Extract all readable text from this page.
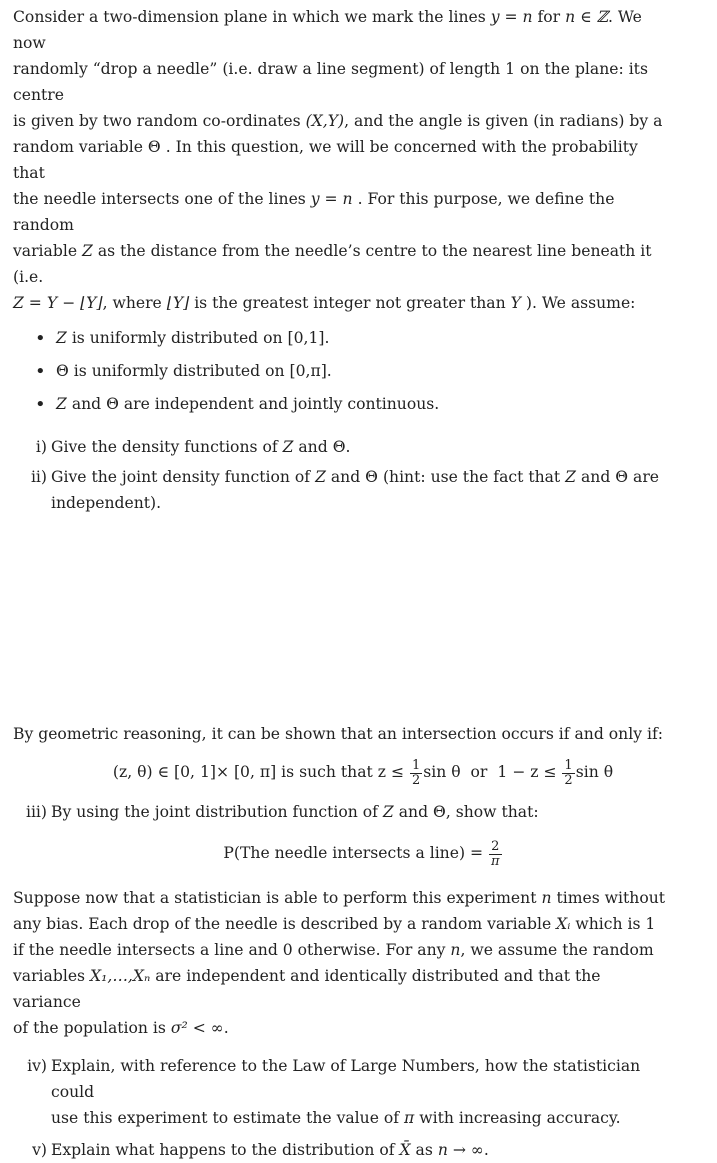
Consider a two-dimension plane in which we mark the lines y = n for n ∈ ℤ. We now
randomly “drop a needle” (i.e. draw a line segment) of length 1 on the plane: its centre
is given by two random co-ordinates (X,Y), and the angle is given (in radians) by a
random variable Θ . In this question, we will be concerned with the probability that
the needle intersects one of the lines y = n . For this purpose, we define the random
variable Z as the distance from the needle’s centre to the nearest line beneath it (i.e.
Z = Y − ⌊Y⌋, where ⌊Y⌋ is the greatest integer not greater than Y ). We assume:

• Z is uniformly distributed on [0,1].
• Θ is uniformly distributed on [0,π].
• Z and Θ are independent and jointly continuous.
i) Give the density functions of Z and Θ.
ii) Give the joint density function of Z and Θ (hint: use the fact that Z and Θ are
independent).

By geometric reasoning, it can be shown that an intersection occurs if and only if:

(z, θ) ∈ [0, 1]× [0, π] is such that $z \le \frac{1}{2}$ sin θ or $1 - z \le \frac{1}{2}$ sin θ
iii) By using the joint distribution function of Z and Θ, show that:
P(The needle intersects a line) = $\frac{2}{\pi}$

Suppose now that a statistician is able to perform this experiment n times without
any bias. Each drop of the needle is described by a random variable Xᵢ which is 1
if the needle intersects a line and 0 otherwise. For any n, we assume the random
variables X₁,…,Xₙ are independent and identically distributed and that the variance
of the population is σ² < ∞.

iv) Explain, with reference to the Law of Large Numbers, how the statistician could
use this experiment to estimate the value of π with increasing accuracy.
v) Explain what happens to the distribution of X̄ as n → ∞.
